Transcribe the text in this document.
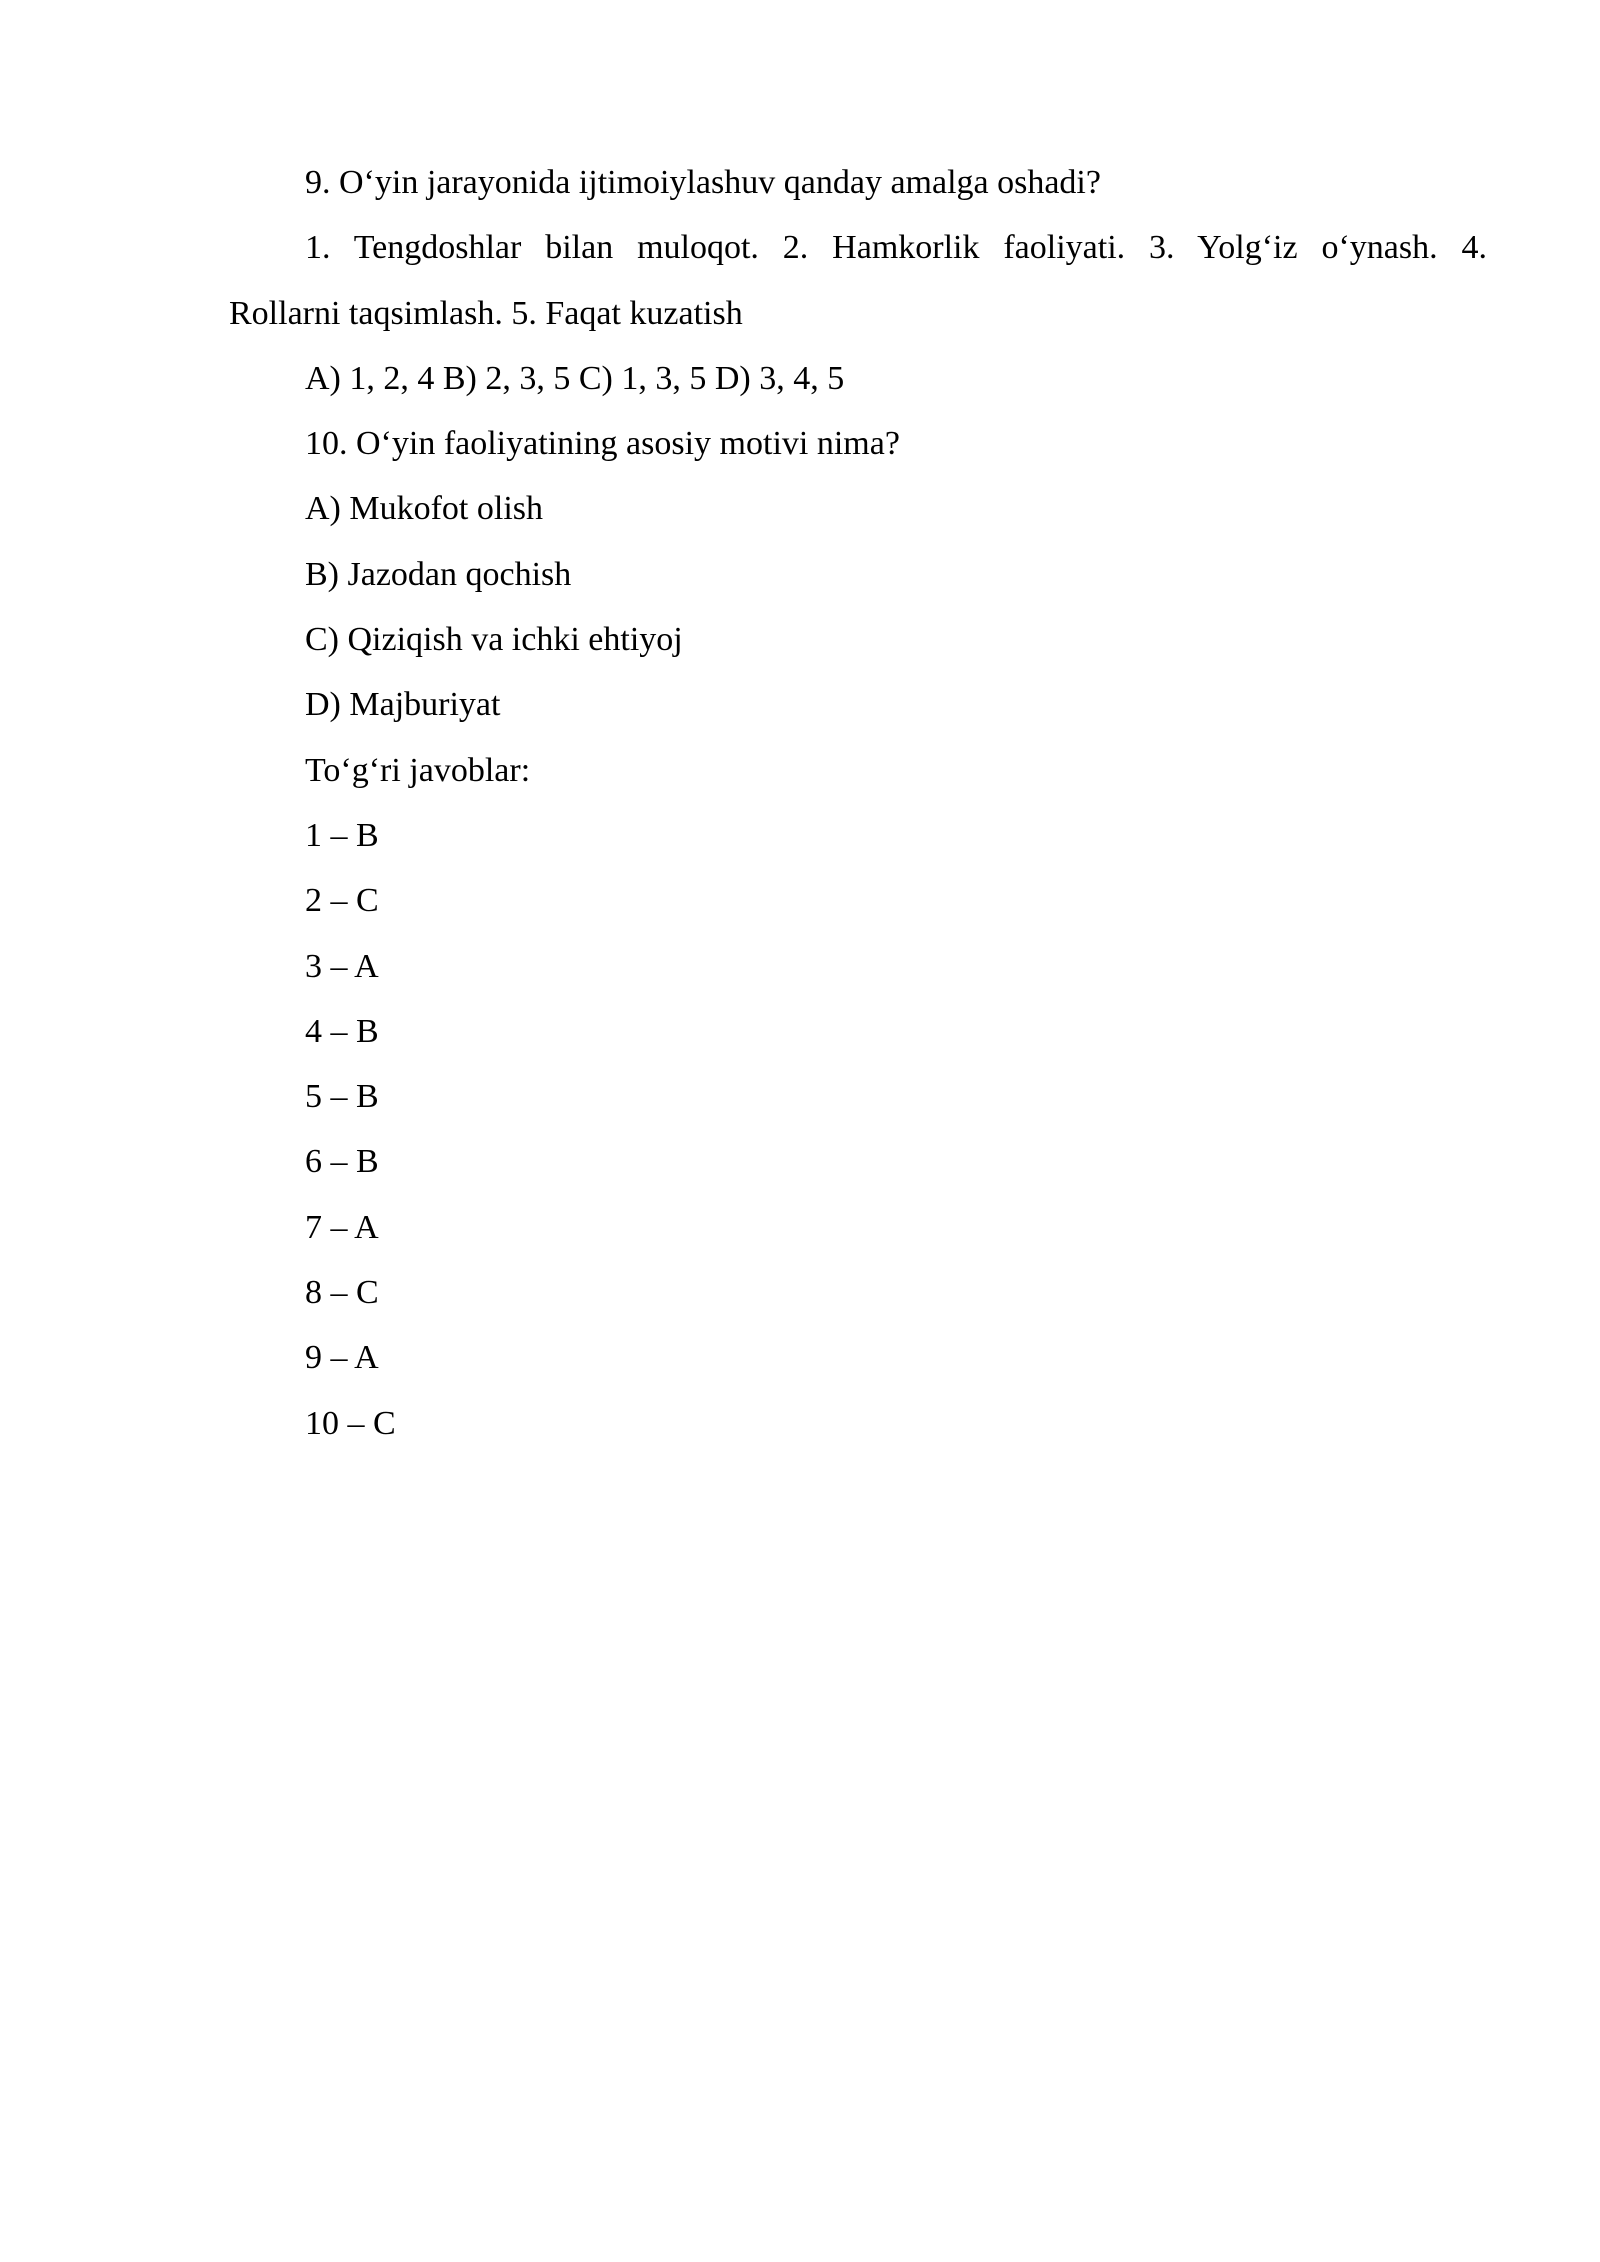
9. O‘yin jarayonida ijtimoiylashuv qanday amalga oshadi?
1. Tengdoshlar bilan muloqot. 2. Hamkorlik faoliyati. 3. Yolg‘iz o‘ynash. 4.
Rollarni taqsimlash. 5. Faqat kuzatish
A) 1, 2, 4 B) 2, 3, 5 C) 1, 3, 5 D) 3, 4, 5
10. O‘yin faoliyatining asosiy motivi nima?
A) Mukofot olish
B) Jazodan qochish
C) Qiziqish va ichki ehtiyoj
D) Majburiyat
To‘g‘ri javoblar:
1 – B
2 – C
3 – A
4 – B
5 – B
6 – B
7 – A
8 – C
9 – A
10 – C
